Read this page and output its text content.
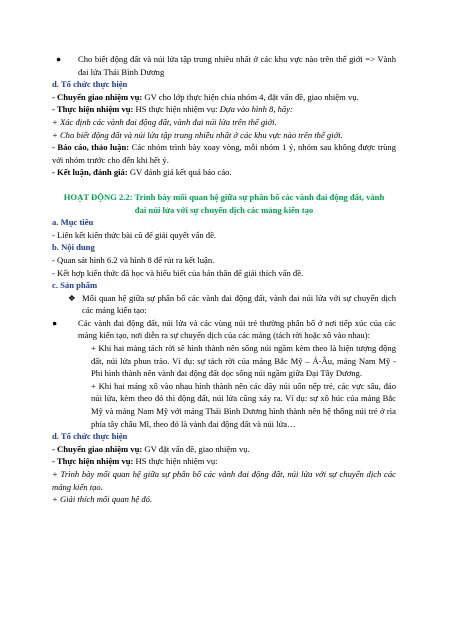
●	Cho biết động đất và núi lửa tập trung nhiều nhất ở các khu vực nào trên thế giới => Vành đai lửa Thái Bình Dương

d. Tổ chức thực hiện

- Chuyển giao nhiệm vụ: GV cho lớp thực hiện chia nhóm 4, đặt vấn đề, giao nhiệm vụ.

- Thực hiện nhiệm vụ: HS thực hiện nhiệm vụ: Dựa vào hình 8, hãy:

+ Xác định các vành đai động đất, vành đai núi lửa trên thế giới.

+ Cho biết động đất và núi lửa tập trung nhiều nhất ở các khu vực nào trên thế giới.

- Báo cáo, thảo luận: Các nhóm trình bày xoay vòng, mỗi nhóm 1 ý, nhóm sau không được trùng với nhóm trước cho đến khi hết ý.

- Kết luận, đánh giá: GV đánh giá kết quả báo cáo.

HOẠT ĐỘNG 2.2: Trình bày mối quan hệ giữa sự phân bố các vành đai động đất, vành đai núi lửa với sự chuyển dịch các mảng kiến tạo

a. Mục tiêu

- Liên kết kiến thức bài cũ để giải quyết vấn đề.

b. Nội dung

- Quan sát hình 6.2 và hình 8 để rút ra kết luận.

- Kết hợp kiến thức đã học và hiểu biết của bản thân để giải thích vấn đề.

c. Sản phẩm

❖ Mối quan hệ giữa sự phân bố các vành đai động đất, vành đai núi lửa với sự chuyển dịch các mảng kiến tạo:

●	Các vành đai động đất, núi lửa và các vùng núi trẻ thường phân bố ở nơi tiếp xúc của các mảng kiến tạo, nơi diễn ra sự chuyển dịch của các mảng (tách rời hoặc xô vào nhau):

+ Khi hai mảng tách rời sẽ hình thành nên sống núi ngầm kèm theo là hiện tượng động đất, núi lửa phun trào. Ví dụ: sự tách rời của mảng Bắc Mỹ – Á-Âu, mảng Nam Mỹ - Phi hình thành nên vành đai động đất dọc sống núi ngầm giữa Đại Tây Dương.

+ Khi hai mảng xô vào nhau hình thành nên các dãy núi uốn nếp trẻ, các vực sâu, đảo núi lửa, kèm theo đó thì động đất, núi lửa cũng xảy ra. Ví dụ: sự xô húc của mảng Bắc Mỹ và mảng Nam Mỹ với mảng Thái Bình Dương hình thành nên hệ thống núi trẻ ở rìa phía tây châu Mĩ, theo đó là vành đai động đất và núi lửa…

d. Tổ chức thực hiện

- Chuyển giao nhiệm vụ: GV đặt vấn đề, giao nhiệm vụ.

- Thực hiện nhiệm vụ: HS thực hiện nhiệm vụ:

+ Trình bày mối quan hệ giữa sự phân bố các vành đai động đất, núi lửa với sự chuyển dịch các mảng kiến tạo.

+ Giải thích mối quan hệ đó.
